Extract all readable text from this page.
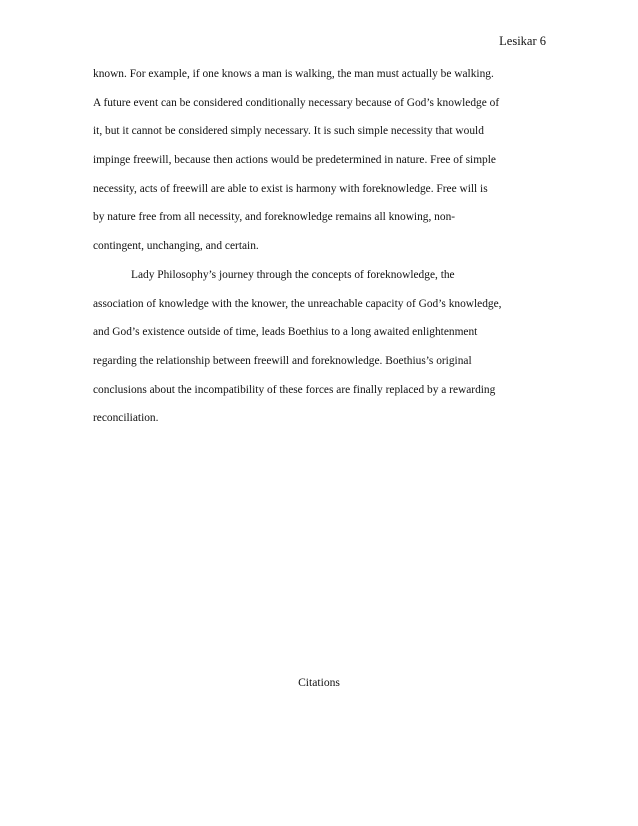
Lesikar 6
known. For example, if one knows a man is walking, the man must actually be walking.
A future event can be considered conditionally necessary because of God’s knowledge of
it, but it cannot be considered simply necessary. It is such simple necessity that would
impinge freewill, because then actions would be predetermined in nature. Free of simple
necessity, acts of freewill are able to exist is harmony with foreknowledge. Free will is
by nature free from all necessity, and foreknowledge remains all knowing, non-
contingent, unchanging, and certain.
Lady Philosophy’s journey through the concepts of foreknowledge, the
association of knowledge with the knower, the unreachable capacity of God’s knowledge,
and God’s existence outside of time, leads Boethius to a long awaited enlightenment
regarding the relationship between freewill and foreknowledge. Boethius’s original
conclusions about the incompatibility of these forces are finally replaced by a rewarding
reconciliation.
Citations
